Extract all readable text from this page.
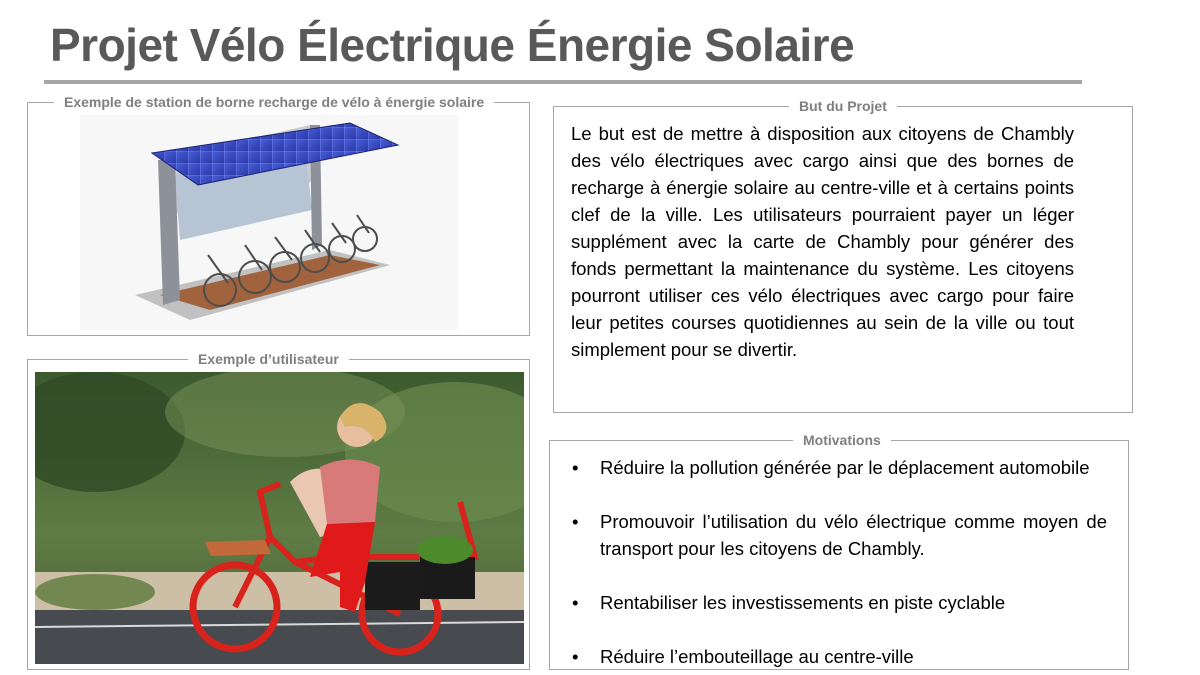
Projet Vélo Électrique Énergie Solaire
Exemple de station de borne recharge de vélo à énergie solaire
Exemple d’utilisateur
But du Projet
Le but est de mettre à disposition aux citoyens de Chambly des vélo électriques avec cargo ainsi que des bornes de recharge à énergie solaire au centre-ville et à certains points clef de la ville. Les utilisateurs pourraient payer un léger supplément avec la carte de Chambly pour générer des fonds permettant la maintenance du système. Les citoyens pourront utiliser ces vélo électriques avec cargo pour faire leur petites courses quotidiennes au sein de la ville ou tout simplement pour se divertir.
Motivations
• Réduire la pollution générée par le déplacement automobile
• Promouvoir l’utilisation du vélo électrique comme moyen de transport pour les citoyens de Chambly.
• Rentabiliser les investissements en piste cyclable
• Réduire l’embouteillage au centre-ville
